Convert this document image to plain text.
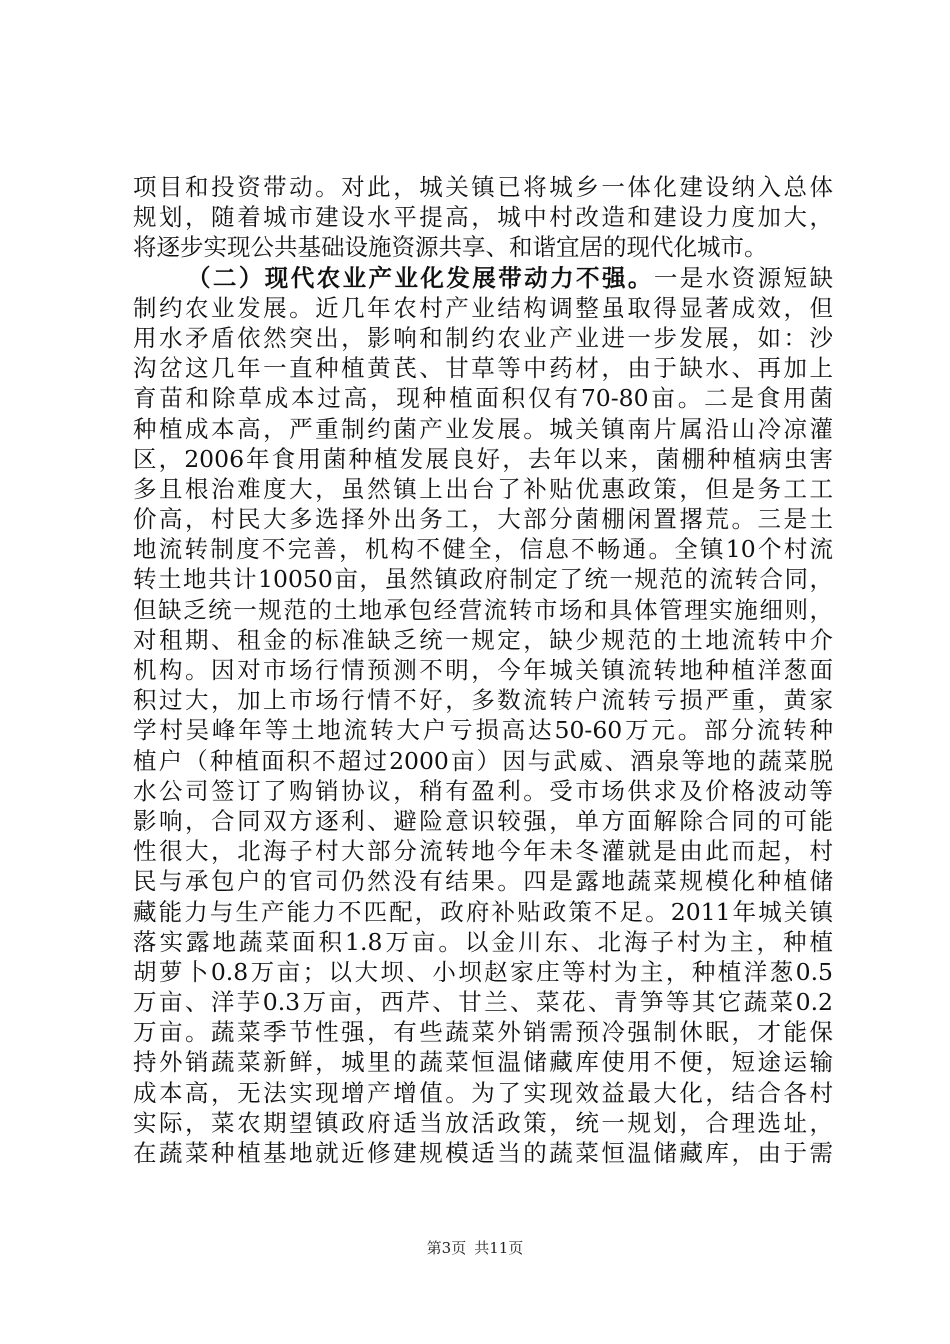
项目和投资带动。对此，城关镇已将城乡一体化建设纳入总体
规划，随着城市建设水平提高，城中村改造和建设力度加大，
将逐步实现公共基础设施资源共享、和谐宜居的现代化城市。
（二）现代农业产业化发展带动力不强。一是水资源短缺
制约农业发展。近几年农村产业结构调整虽取得显著成效，但
用水矛盾依然突出，影响和制约农业产业进一步发展，如：沙
沟岔这几年一直种植黄芪、甘草等中药材，由于缺水、再加上
育苗和除草成本过高，现种植面积仅有70-80亩。二是食用菌
种植成本高，严重制约菌产业发展。城关镇南片属沿山冷凉灌
区，2006年食用菌种植发展良好，去年以来，菌棚种植病虫害
多且根治难度大，虽然镇上出台了补贴优惠政策，但是务工工
价高，村民大多选择外出务工，大部分菌棚闲置撂荒。三是土
地流转制度不完善，机构不健全，信息不畅通。全镇10个村流
转土地共计10050亩，虽然镇政府制定了统一规范的流转合同，
但缺乏统一规范的土地承包经营流转市场和具体管理实施细则，
对租期、租金的标准缺乏统一规定，缺少规范的土地流转中介
机构。因对市场行情预测不明，今年城关镇流转地种植洋葱面
积过大，加上市场行情不好，多数流转户流转亏损严重，黄家
学村吴峰年等土地流转大户亏损高达50-60万元。部分流转种
植户（种植面积不超过2000亩）因与武威、酒泉等地的蔬菜脱
水公司签订了购销协议，稍有盈利。受市场供求及价格波动等
影响，合同双方逐利、避险意识较强，单方面解除合同的可能
性很大，北海子村大部分流转地今年未冬灌就是由此而起，村
民与承包户的官司仍然没有结果。四是露地蔬菜规模化种植储
藏能力与生产能力不匹配，政府补贴政策不足。2011年城关镇
落实露地蔬菜面积1.8万亩。以金川东、北海子村为主，种植
胡萝卜0.8万亩；以大坝、小坝赵家庄等村为主，种植洋葱0.5
万亩、洋芋0.3万亩，西芹、甘兰、菜花、青笋等其它蔬菜0.2
万亩。蔬菜季节性强，有些蔬菜外销需预冷强制休眠，才能保
持外销蔬菜新鲜，城里的蔬菜恒温储藏库使用不便，短途运输
成本高，无法实现增产增值。为了实现效益最大化，结合各村
实际，菜农期望镇政府适当放活政策，统一规划，合理选址，
在蔬菜种植基地就近修建规模适当的蔬菜恒温储藏库，由于需
第3页 共11页
